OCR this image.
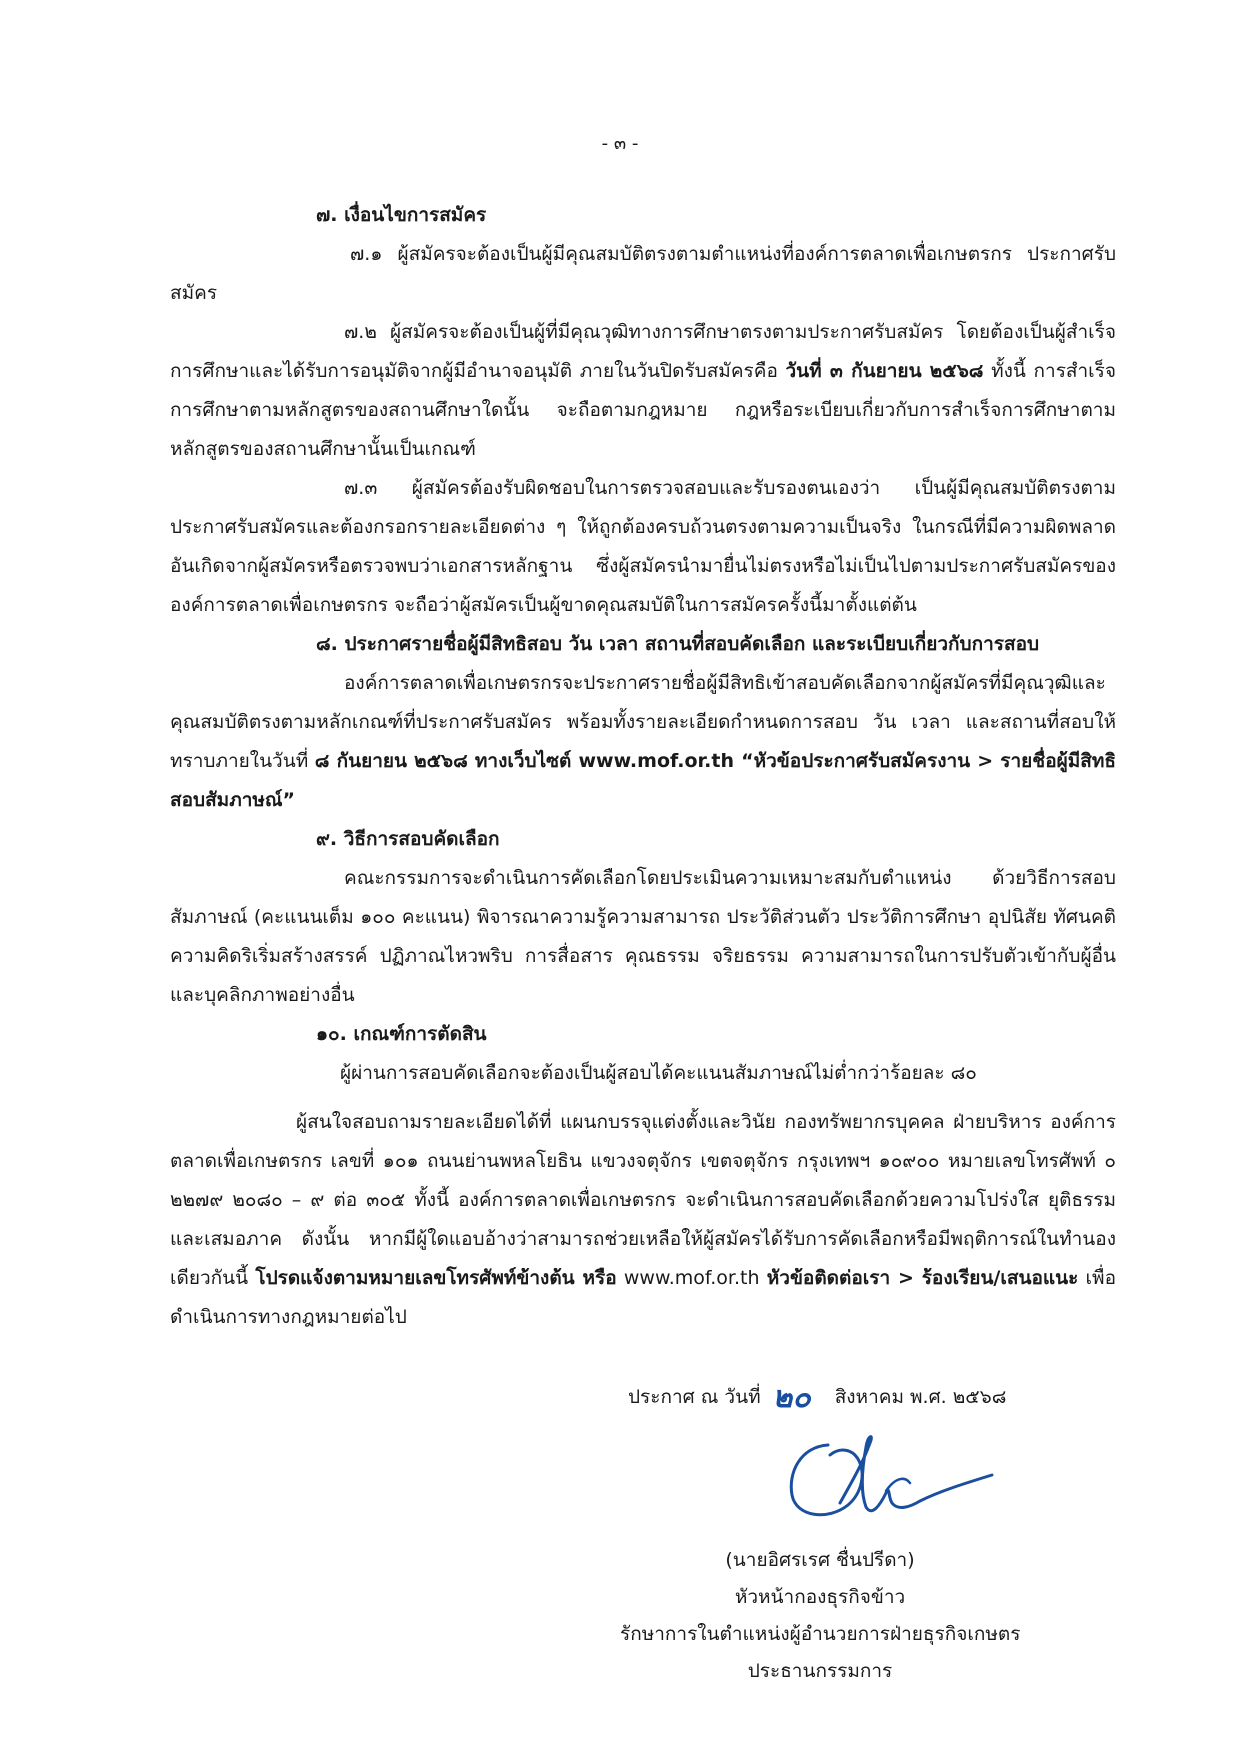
- ๓ -
๗. เงื่อนไขการสมัคร
๗.๑ ผู้สมัครจะต้องเป็นผู้มีคุณสมบัติตรงตามตำแหน่งที่องค์การตลาดเพื่อเกษตรกร ประกาศรับสมัคร
๗.๒ ผู้สมัครจะต้องเป็นผู้ที่มีคุณวุฒิทางการศึกษาตรงตามประกาศรับสมัคร โดยต้องเป็นผู้สำเร็จการศึกษาและได้รับการอนุมัติจากผู้มีอำนาจอนุมัติ ภายในวันปิดรับสมัครคือ วันที่ ๓ กันยายน ๒๕๖๘ ทั้งนี้ การสำเร็จการศึกษาตามหลักสูตรของสถานศึกษาใดนั้น จะถือตามกฎหมาย กฎหรือระเบียบเกี่ยวกับการสำเร็จการศึกษาตามหลักสูตรของสถานศึกษานั้นเป็นเกณฑ์
๗.๓ ผู้สมัครต้องรับผิดชอบในการตรวจสอบและรับรองตนเองว่า เป็นผู้มีคุณสมบัติตรงตามประกาศรับสมัครและต้องกรอกรายละเอียดต่าง ๆ ให้ถูกต้องครบถ้วนตรงตามความเป็นจริง ในกรณีที่มีความผิดพลาดอันเกิดจากผู้สมัครหรือตรวจพบว่าเอกสารหลักฐาน ซึ่งผู้สมัครนำมายื่นไม่ตรงหรือไม่เป็นไปตามประกาศรับสมัครขององค์การตลาดเพื่อเกษตรกร จะถือว่าผู้สมัครเป็นผู้ขาดคุณสมบัติในการสมัครครั้งนี้มาตั้งแต่ต้น
๘. ประกาศรายชื่อผู้มีสิทธิสอบ วัน เวลา สถานที่สอบคัดเลือก และระเบียบเกี่ยวกับการสอบ
องค์การตลาดเพื่อเกษตรกรจะประกาศรายชื่อผู้มีสิทธิเข้าสอบคัดเลือกจากผู้สมัครที่มีคุณวุฒิและคุณสมบัติตรงตามหลักเกณฑ์ที่ประกาศรับสมัคร พร้อมทั้งรายละเอียดกำหนดการสอบ วัน เวลา และสถานที่สอบให้ทราบภายในวันที่ ๘ กันยายน ๒๕๖๘ ทางเว็บไซต์ www.mof.or.th “หัวข้อประกาศรับสมัครงาน > รายชื่อผู้มีสิทธิสอบสัมภาษณ์”
๙. วิธีการสอบคัดเลือก
คณะกรรมการจะดำเนินการคัดเลือกโดยประเมินความเหมาะสมกับตำแหน่ง ด้วยวิธีการสอบสัมภาษณ์ (คะแนนเต็ม ๑๐๐ คะแนน) พิจารณาความรู้ความสามารถ ประวัติส่วนตัว ประวัติการศึกษา อุปนิสัย ทัศนคติ ความคิดริเริ่มสร้างสรรค์ ปฏิภาณไหวพริบ การสื่อสาร คุณธรรม จริยธรรม ความสามารถในการปรับตัวเข้ากับผู้อื่น และบุคลิกภาพอย่างอื่น
๑๐. เกณฑ์การตัดสิน
ผู้ผ่านการสอบคัดเลือกจะต้องเป็นผู้สอบได้คะแนนสัมภาษณ์ไม่ต่ำกว่าร้อยละ ๘๐
ผู้สนใจสอบถามรายละเอียดได้ที่ แผนกบรรจุแต่งตั้งและวินัย กองทรัพยากรบุคคล ฝ่ายบริหาร องค์การตลาดเพื่อเกษตรกร เลขที่ ๑๐๑ ถนนย่านพหลโยธิน แขวงจตุจักร เขตจตุจักร กรุงเทพฯ ๑๐๙๐๐ หมายเลขโทรศัพท์ ๐ ๒๒๗๙ ๒๐๘๐ – ๙ ต่อ ๓๐๕ ทั้งนี้ องค์การตลาดเพื่อเกษตรกร จะดำเนินการสอบคัดเลือกด้วยความโปร่งใส ยุติธรรมและเสมอภาค ดังนั้น หากมีผู้ใดแอบอ้างว่าสามารถช่วยเหลือให้ผู้สมัครได้รับการคัดเลือกหรือมีพฤติการณ์ในทำนองเดียวกันนี้ โปรดแจ้งตามหมายเลขโทรศัพท์ข้างต้น หรือ www.mof.or.th หัวข้อติดต่อเรา > ร้องเรียน/เสนอแนะ เพื่อดำเนินการทางกฎหมายต่อไป
ประกาศ ณ วันที่ ๒๐ สิงหาคม พ.ศ. ๒๕๖๘
(นายอิศรเรศ ชื่นปรีดา)
หัวหน้ากองธุรกิจข้าว
รักษาการในตำแหน่งผู้อำนวยการฝ่ายธุรกิจเกษตร
ประธานกรรมการ
